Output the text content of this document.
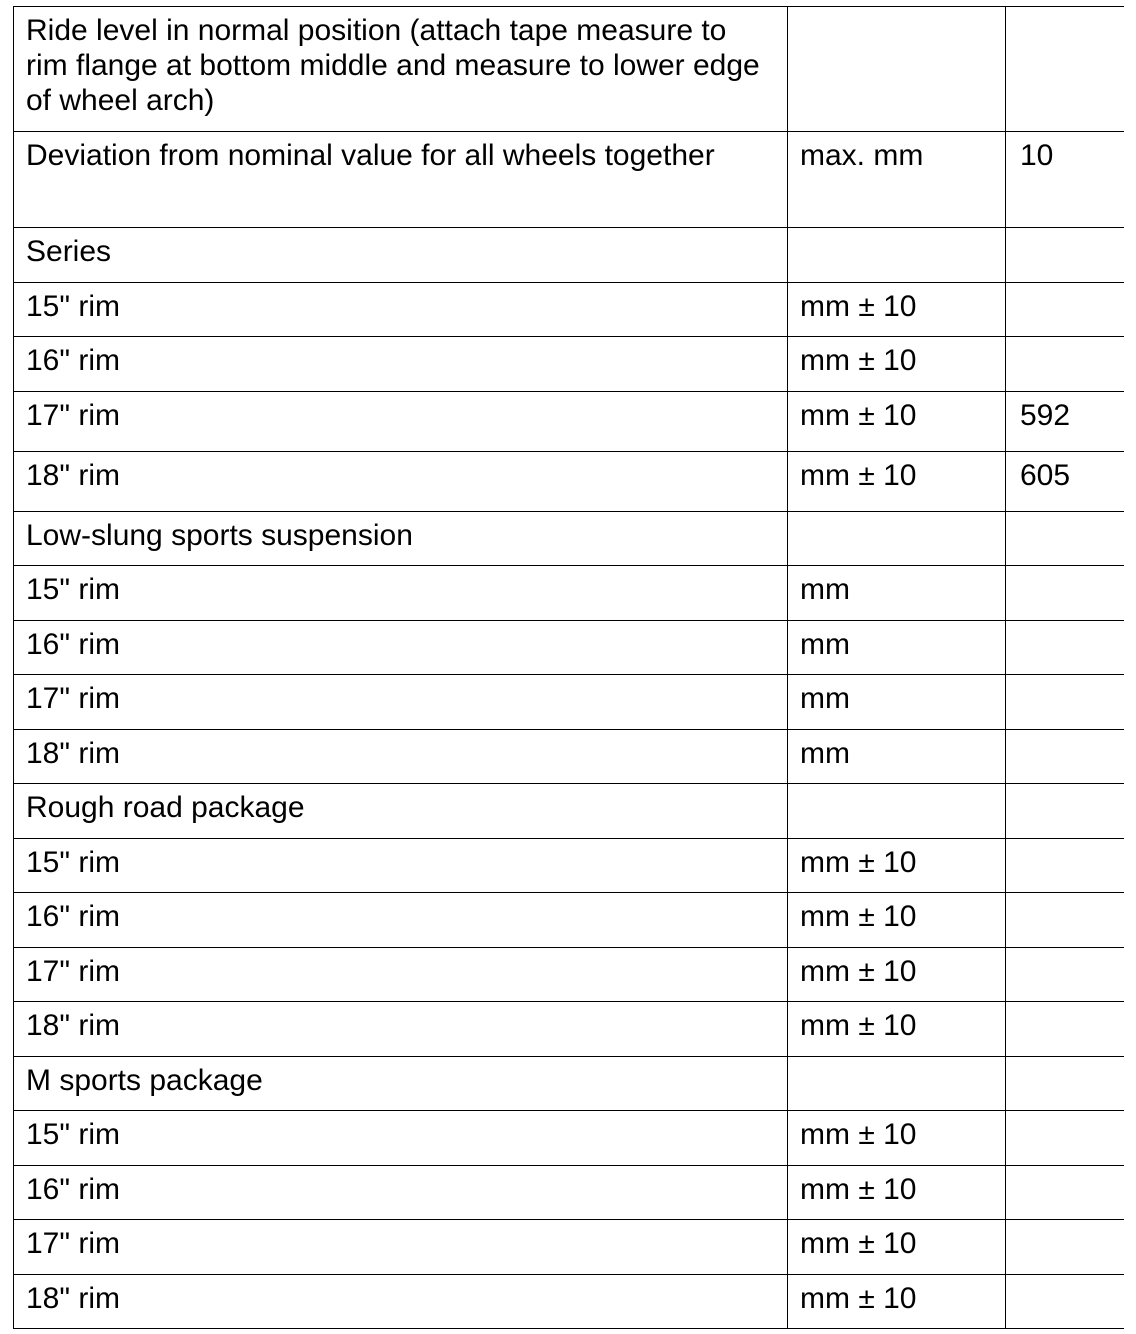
Ride level in normal position (attach tape measure to rim flange at bottom middle and measure to lower edge of wheel arch)		
Deviation from nominal value for all wheels together	max. mm	10
Series		
15" rim	mm ± 10	
16" rim	mm ± 10	
17" rim	mm ± 10	592
18" rim	mm ± 10	605
Low-slung sports suspension		
15" rim	mm	
16" rim	mm	
17" rim	mm	
18" rim	mm	
Rough road package		
15" rim	mm ± 10	
16" rim	mm ± 10	
17" rim	mm ± 10	
18" rim	mm ± 10	
M sports package		
15" rim	mm ± 10	
16" rim	mm ± 10	
17" rim	mm ± 10	
18" rim	mm ± 10	
